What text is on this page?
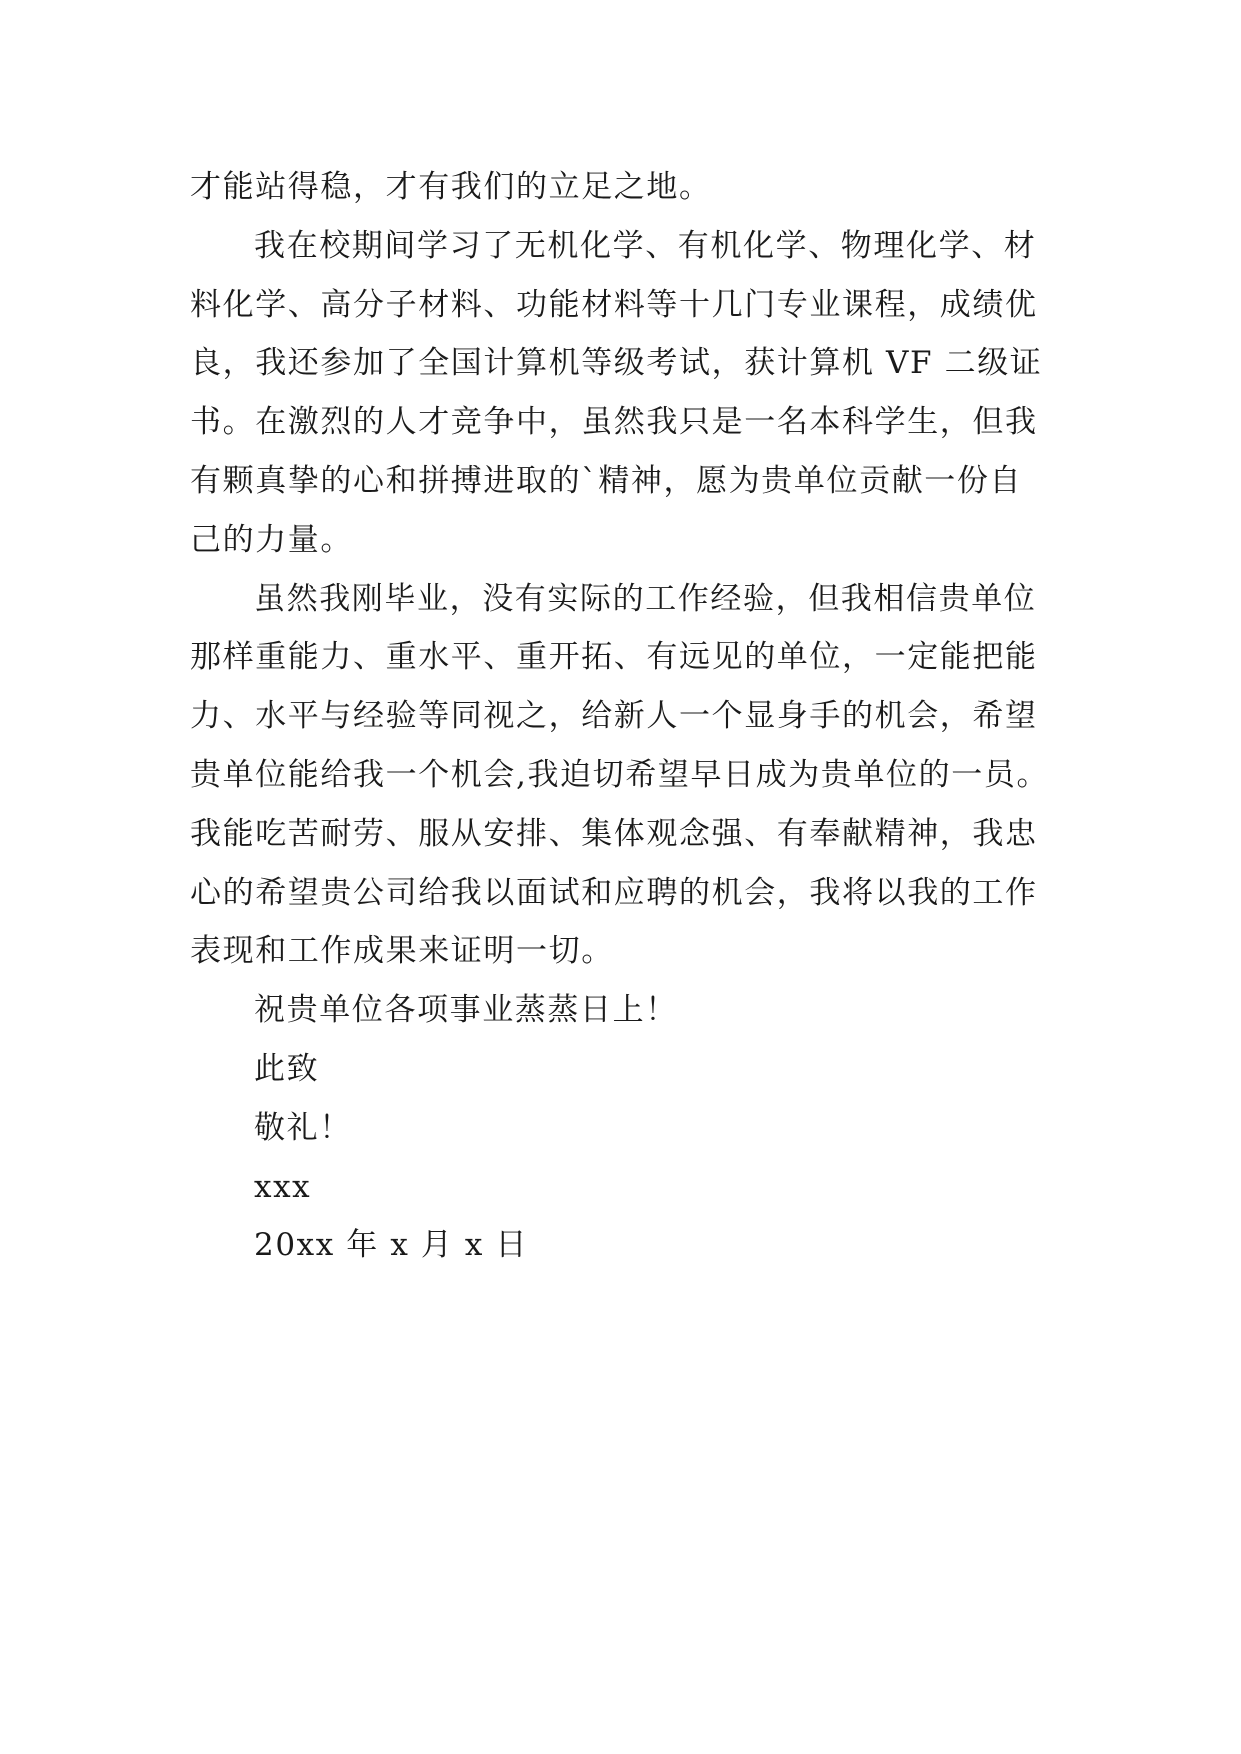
才能站得稳，才有我们的立足之地。
我在校期间学习了无机化学、有机化学、物理化学、材
料化学、高分子材料、功能材料等十几门专业课程，成绩优
良，我还参加了全国计算机等级考试，获计算机 VF 二级证
书。在激烈的人才竞争中，虽然我只是一名本科学生，但我
有颗真挚的心和拼搏进取的`精神，愿为贵单位贡献一份自
己的力量。
虽然我刚毕业，没有实际的工作经验，但我相信贵单位
那样重能力、重水平、重开拓、有远见的单位，一定能把能
力、水平与经验等同视之，给新人一个显身手的机会，希望
贵单位能给我一个机会,我迫切希望早日成为贵单位的一员。
我能吃苦耐劳、服从安排、集体观念强、有奉献精神，我忠
心的希望贵公司给我以面试和应聘的机会，我将以我的工作
表现和工作成果来证明一切。
祝贵单位各项事业蒸蒸日上！
此致
敬礼！
xxx
20xx 年 x 月 x 日
